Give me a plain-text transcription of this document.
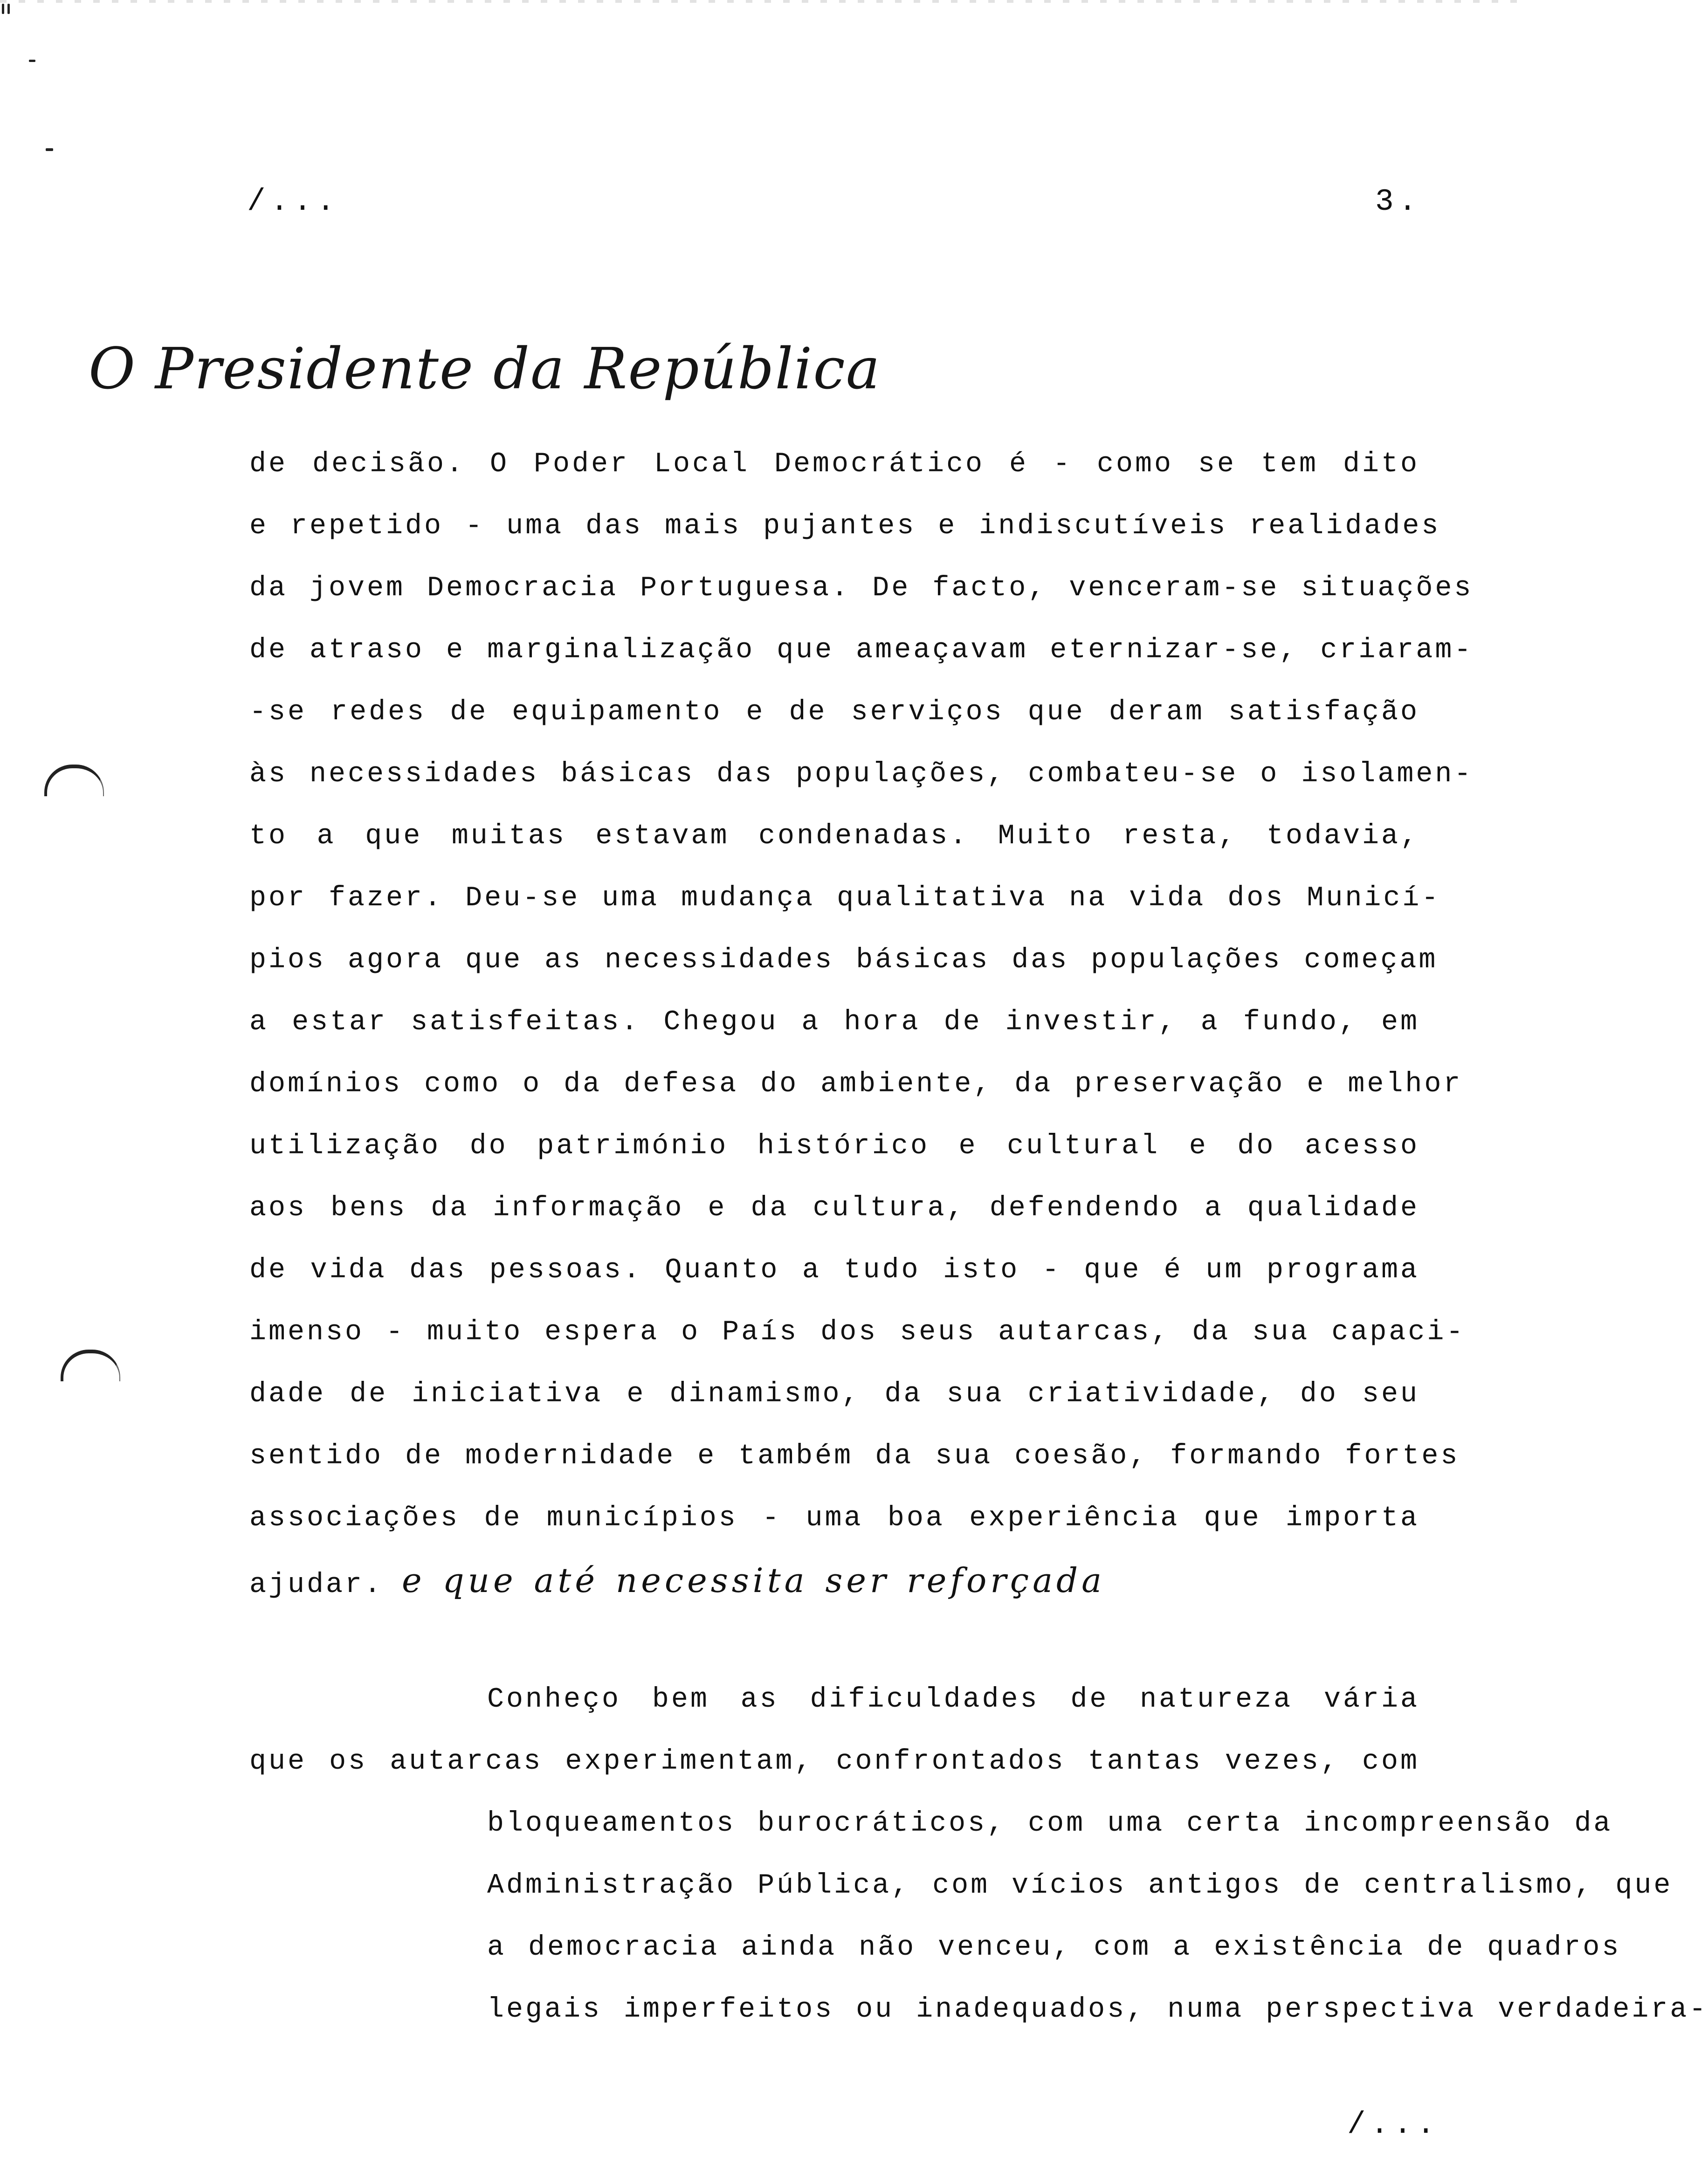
/...	3.
O Presidente da República
de decisão. O Poder Local Democrático é - como se tem dito
e repetido - uma das mais pujantes e indiscutíveis realidades
da jovem Democracia Portuguesa. De facto, venceram-se situações
de atraso e marginalização que ameaçavam eternizar-se, criaram-
-se redes de equipamento e de serviços que deram satisfação
às necessidades básicas das populações, combateu-se o isolamen-
to a que muitas estavam condenadas. Muito resta, todavia,
por fazer. Deu-se uma mudança qualitativa na vida dos Municí-
pios agora que as necessidades básicas das populações começam
a estar satisfeitas. Chegou a hora de investir, a fundo, em
domínios como o da defesa do ambiente, da preservação e melhor
utilização do património histórico e cultural e do acesso
aos bens da informação e da cultura, defendendo a qualidade
de vida das pessoas. Quanto a tudo isto - que é um programa
imenso - muito espera o País dos seus autarcas, da sua capaci-
dade de iniciativa e dinamismo, da sua criatividade, do seu
sentido de modernidade e também da sua coesão, formando fortes
associações de municípios - uma boa experiência que importa
ajudar. e que até necessita ser reforçada
Conheço bem as dificuldades de natureza vária
que os autarcas experimentam, confrontados tantas vezes, com
bloqueamentos burocráticos, com uma certa incompreensão da
Administração Pública, com vícios antigos de centralismo, que
a democracia ainda não venceu, com a existência de quadros
legais imperfeitos ou inadequados, numa perspectiva verdadeira-
/...
